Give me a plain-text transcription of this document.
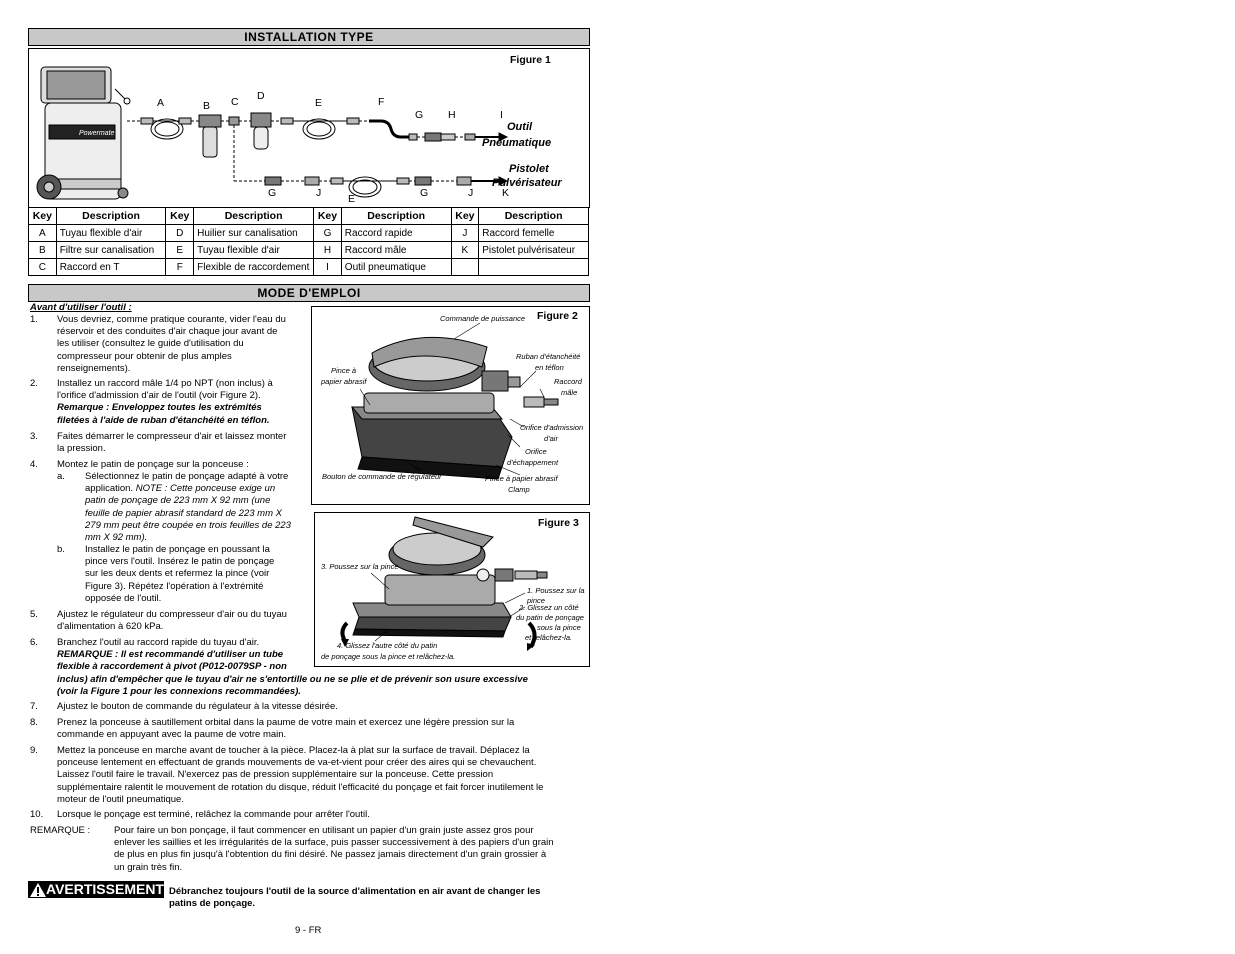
INSTALLATION TYPE
Figure 1
Powermate
A	B C D
E	F
G H	I
G	J	E	G	J	K
Outil
Pneumatique
Pistolet
Pulvérisateur
Key	Description	Key	Description	Key	Description	Key	Description
A	Tuyau flexible d'air	D	Huilier sur canalisation	G	Raccord rapide	J	Raccord femelle
B	Filtre sur canalisation	E	Tuyau flexible d'air	H	Raccord mâle	K	Pistolet pulvérisateur
C	Raccord en T	F	Flexible de raccordement	I	Outil pneumatique		
MODE D'EMPLOI
Avant d'utiliser l'outil :
1. Vous devriez, comme pratique courante, vider l'eau du
réservoir et des conduites d'air chaque jour avant de
les utiliser (consultez le guide d'utilisation du
compresseur pour obtenir de plus amples
renseignements).
2. Installez un raccord mâle 1/4 po NPT (non inclus) à
l'orifice d'admission d'air de l'outil (voir Figure 2).
Remarque : Enveloppez toutes les extrémités
filetées à l'aide de ruban d'étanchéité en téflon.
3. Faites démarrer le compresseur d'air et laissez monter
la pression.
4. Montez le patin de ponçage sur la ponceuse :
a. Sélectionnez le patin de ponçage adapté à votre
application. NOTE : Cette ponceuse exige un
patin de ponçage de 223 mm X 92 mm (une
feuille de papier abrasif standard de 223 mm X
279 mm peut être coupée en trois feuilles de 223
mm X 92 mm).
b. Installez le patin de ponçage en poussant la
pince vers l'outil. Insérez le patin de ponçage
sur les deux dents et refermez la pince (voir
Figure 3). Répétez l'opération à l'extrémité
opposée de l'outil.
5. Ajustez le régulateur du compresseur d'air ou du tuyau
d'alimentation à 620 kPa.
6. Branchez l'outil au raccord rapide du tuyau d'air.
REMARQUE : Il est recommandé d'utiliser un tube
flexible à raccordement à pivot (P012-0079SP - non
inclus) afin d'empêcher que le tuyau d'air ne s'entortille ou ne se plie et de prévenir son usure excessive
(voir la Figure 1 pour les connexions recommandées).
7. Ajustez le bouton de commande du régulateur à la vitesse désirée.
8. Prenez la ponceuse à sautillement orbital dans la paume de votre main et exercez une légère pression sur la
commande en appuyant avec la paume de votre main.
9. Mettez la ponceuse en marche avant de toucher à la pièce. Placez-la à plat sur la surface de travail. Déplacez la
ponceuse lentement en effectuant de grands mouvements de va-et-vient pour créer des aires qui se chevauchent.
Laissez l'outil faire le travail. N'exercez pas de pression supplémentaire sur la ponceuse. Cette pression
supplémentaire ralentit le mouvement de rotation du disque, réduit l'efficacité du ponçage et fait forcer inutilement le
moteur de l'outil pneumatique.
10. Lorsque le ponçage est terminé, relâchez la commande pour arrêter l'outil.
REMARQUE :	Pour faire un bon ponçage, il faut commencer en utilisant un papier d'un grain juste assez gros pour
enlever les saillies et les irrégularités de la surface, puis passer successivement à des papiers d'un grain
de plus en plus fin jusqu'à l'obtention du fini désiré. Ne passez jamais directement d'un grain grossier à
un grain très fin.
Figure 2
Commande de puissance
Ruban d'étanchéité
en téflon
Raccord
mâle
Pince à
papier abrasif
Orifice d'admission
d'air
Orifice
d'échappement
Bouton de commande de régulateur	Pince à papier abrasif
Clamp
Figure 3
3. Poussez sur la pince
1. Poussez sur la pince
2. Glissez un côté
du patin de ponçage
sous la pince
et relâchez-la.
4. Glissez l'autre côté du patin
de ponçage sous la pince et relâchez-la.
AVERTISSEMENT Débranchez toujours l'outil de la source d'alimentation en air avant de changer les
patins de ponçage.
9 - FR
